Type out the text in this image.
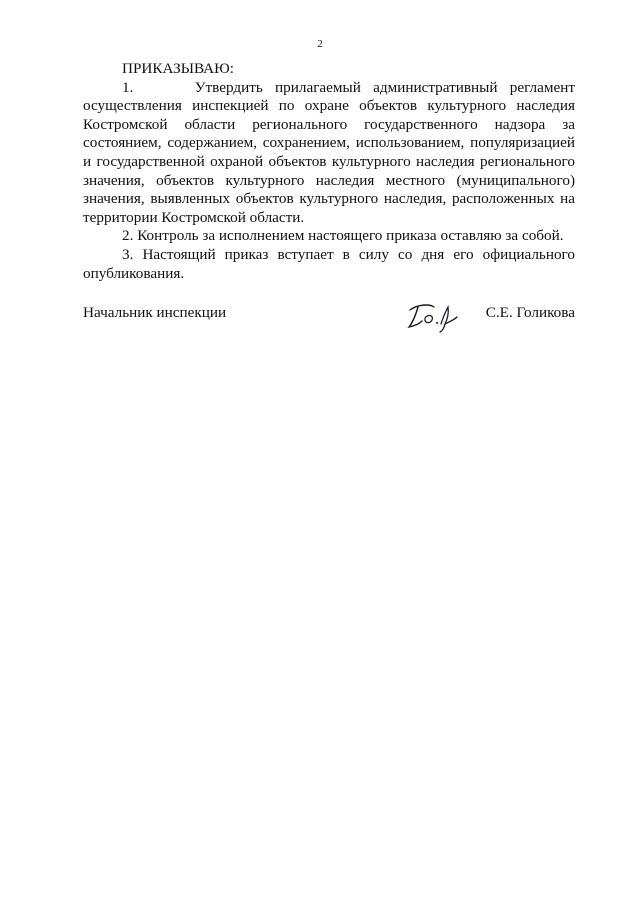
2
ПРИКАЗЫВАЮ:

1.     Утвердить прилагаемый административный регламент осуществления инспекцией по охране объектов культурного наследия Костромской области регионального государственного надзора за состоянием, содержанием, сохранением, использованием, популяризацией и государственной охраной объектов культурного наследия регионального значения, объектов культурного наследия местного (муниципального) значения, выявленных объектов культурного наследия, расположенных на территории Костромской области.

2. Контроль за исполнением настоящего приказа оставляю за собой.

3. Настоящий приказ вступает в силу со дня его официального опубликования.

Начальник инспекции	С.Е. Голикова
